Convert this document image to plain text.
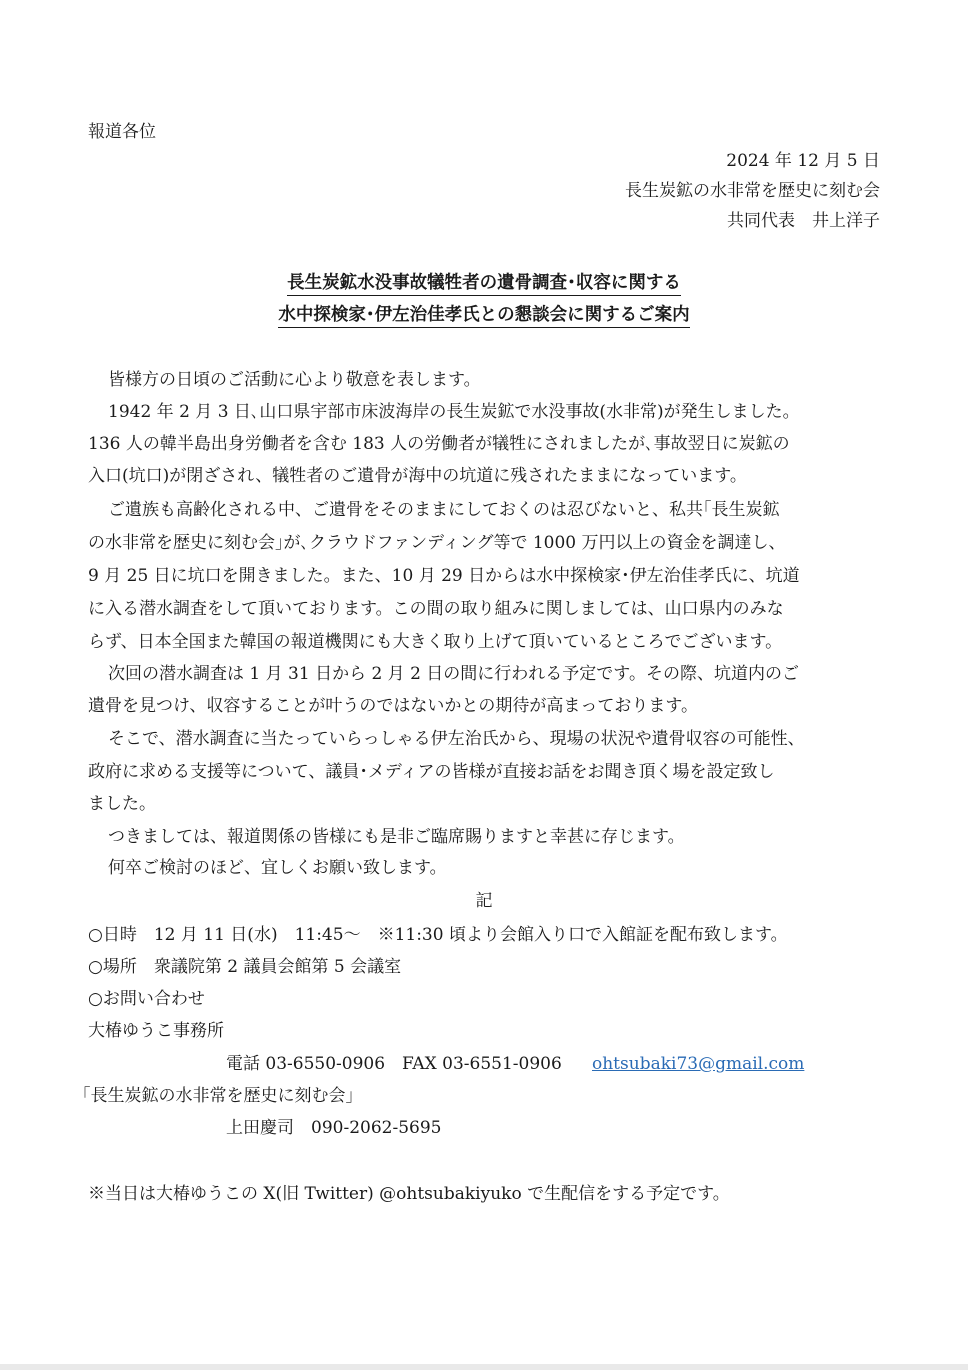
報道各位
2024 年 12 月 5 日
長生炭鉱の水非常を歴史に刻む会
共同代表　井上洋子
長生炭鉱水没事故犠牲者の遺骨調査･収容に関する
水中探検家･伊左治佳孝氏との懇談会に関するご案内
皆様方の日頃のご活動に心より敬意を表します。
1942 年 2 月 3 日､山口県宇部市床波海岸の長生炭鉱で水没事故(水非常)が発生しました。
136 人の韓半島出身労働者を含む 183 人の労働者が犠牲にされましたが､事故翌日に炭鉱の
入口(坑口)が閉ざされ、犠牲者のご遺骨が海中の坑道に残されたままになっています。
ご遺族も高齢化される中、ご遺骨をそのままにしておくのは忍びないと、私共｢長生炭鉱
の水非常を歴史に刻む会｣が､クラウドファンディング等で 1000 万円以上の資金を調達し、
9 月 25 日に坑口を開きました。また、10 月 29 日からは水中探検家･伊左治佳孝氏に、坑道
に入る潜水調査をして頂いております。この間の取り組みに関しましては、山口県内のみな
らず、日本全国また韓国の報道機関にも大きく取り上げて頂いているところでございます。
次回の潜水調査は 1 月 31 日から 2 月 2 日の間に行われる予定です。その際、坑道内のご
遺骨を見つけ、収容することが叶うのではないかとの期待が高まっております。
そこで、潜水調査に当たっていらっしゃる伊左治氏から、現場の状況や遺骨収容の可能性、
政府に求める支援等について、議員･メディアの皆様が直接お話をお聞き頂く場を設定致し
ました。
つきましては、報道関係の皆様にも是非ご臨席賜りますと幸甚に存じます。
何卒ご検討のほど、宜しくお願い致します。
記
○日時　12 月 11 日(水)　11:45～　※11:30 頃より会館入り口で入館証を配布致します。
○場所　衆議院第 2 議員会館第 5 会議室
○お問い合わせ
大椿ゆうこ事務所
電話 03-6550-0906　FAX 03-6551-0906 ohtsubaki73@gmail.com
｢長生炭鉱の水非常を歴史に刻む会｣
上田慶司　090-2062-5695
※当日は大椿ゆうこの X(旧 Twitter) @ohtsubakiyuko で生配信をする予定です。
